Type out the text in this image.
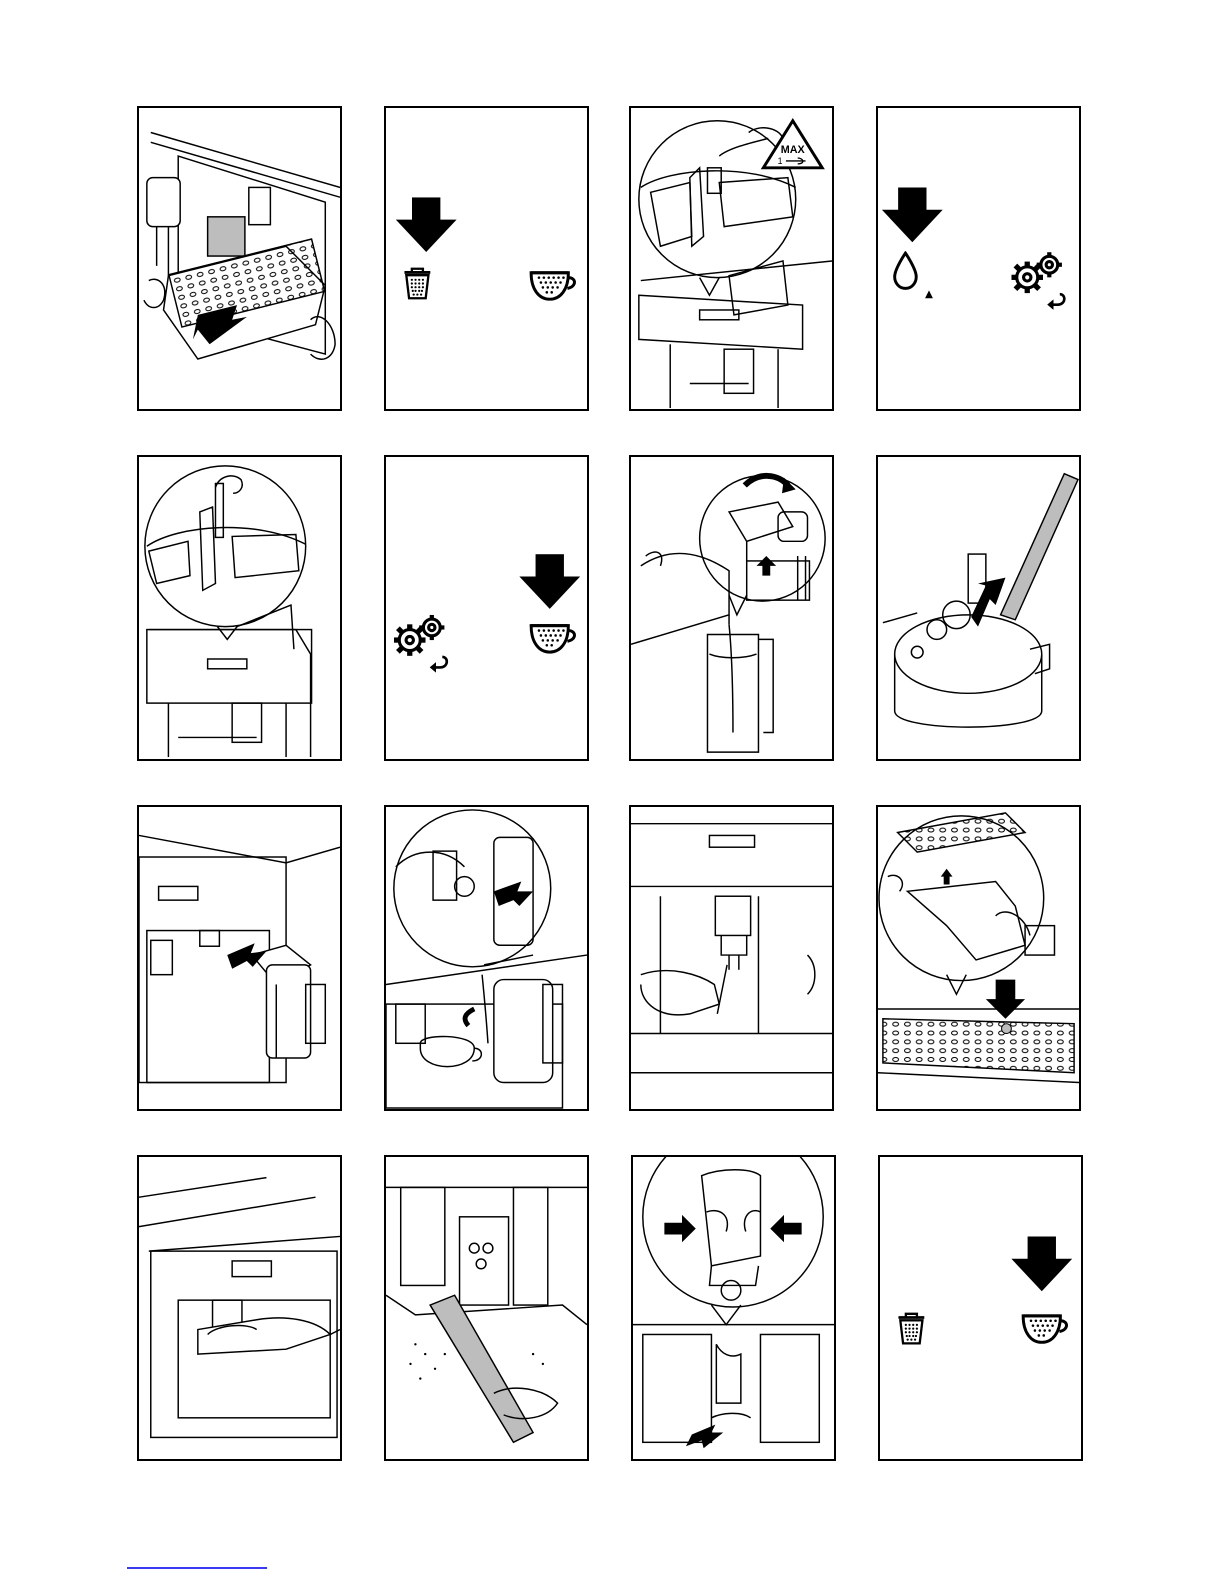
MAX
1
